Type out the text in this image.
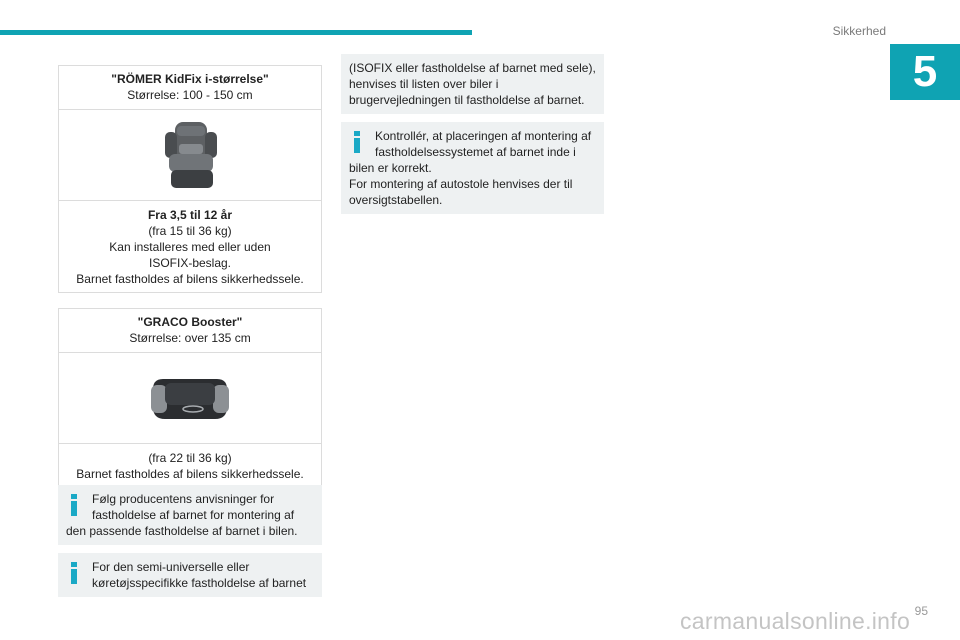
Sikkerhed
5
"RÖMER KidFix i-størrelse"
Størrelse: 100 - 150 cm
Fra 3,5 til 12 år
(fra 15 til 36 kg)
Kan installeres med eller uden
ISOFIX-beslag.
Barnet fastholdes af bilens sikkerhedssele.
"GRACO Booster"
Størrelse: over 135 cm
(fra 22 til 36 kg)
Barnet fastholdes af bilens sikkerhedssele.

Følg producentens anvisninger for

fastholdelse af barnet for montering af

den passende fastholdelse af barnet i bilen.

For den semi-universelle eller

køretøjsspecifikke fastholdelse af barnet

(ISOFIX eller fastholdelse af barnet med sele), henvises til listen over biler i brugervejledningen til fastholdelse af barnet.

Kontrollér, at placeringen af montering af

fastholdelsessystemet af barnet inde i

bilen er korrekt.

For montering af autostole henvises der til oversigtstabellen.

carmanualsonline.info 95
